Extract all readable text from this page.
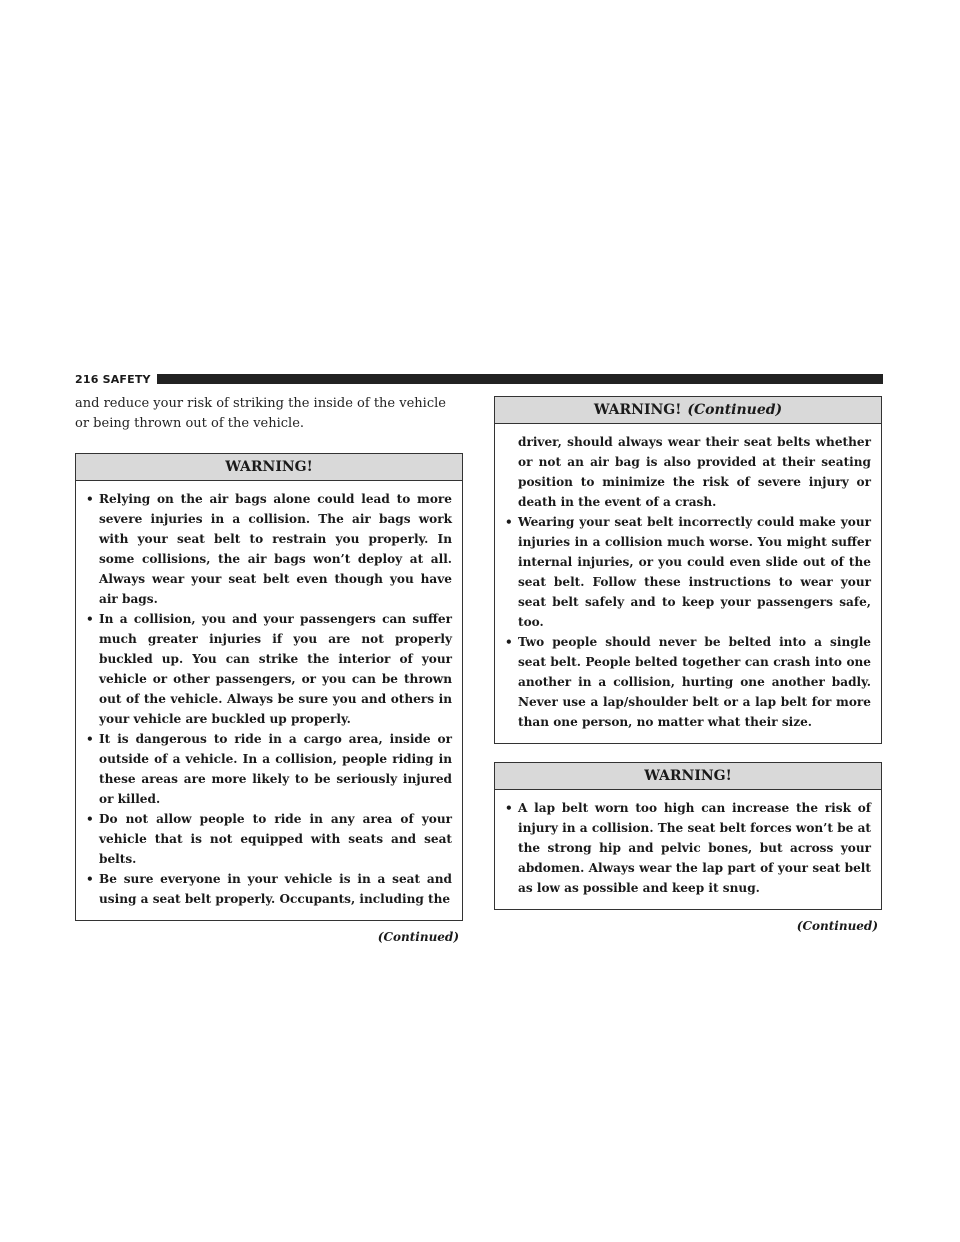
216 SAFETY

and reduce your risk of striking the inside of the vehicle or being thrown out of the vehicle.

WARNING!
• Relying on the air bags alone could lead to more severe injuries in a collision. The air bags work with your seat belt to restrain you properly. In some collisions, the air bags won’t deploy at all. Always wear your seat belt even though you have air bags.
• In a collision, you and your passengers can suffer much greater injuries if you are not properly buckled up. You can strike the interior of your vehicle or other passengers, or you can be thrown out of the vehicle. Always be sure you and others in your vehicle are buckled up properly.
• It is dangerous to ride in a cargo area, inside or outside of a vehicle. In a collision, people riding in these areas are more likely to be seriously injured or killed.
• Do not allow people to ride in any area of your vehicle that is not equipped with seats and seat belts.
• Be sure everyone in your vehicle is in a seat and using a seat belt properly. Occupants, including the
(Continued)
WARNING! (Continued)
driver, should always wear their seat belts whether or not an air bag is also provided at their seating position to minimize the risk of severe injury or death in the event of a crash.
• Wearing your seat belt incorrectly could make your injuries in a collision much worse. You might suffer internal injuries, or you could even slide out of the seat belt. Follow these instructions to wear your seat belt safely and to keep your passengers safe, too.
• Two people should never be belted into a single seat belt. People belted together can crash into one another in a collision, hurting one another badly. Never use a lap/shoulder belt or a lap belt for more than one person, no matter what their size.
WARNING!
• A lap belt worn too high can increase the risk of injury in a collision. The seat belt forces won’t be at the strong hip and pelvic bones, but across your abdomen. Always wear the lap part of your seat belt as low as possible and keep it snug.
(Continued)
